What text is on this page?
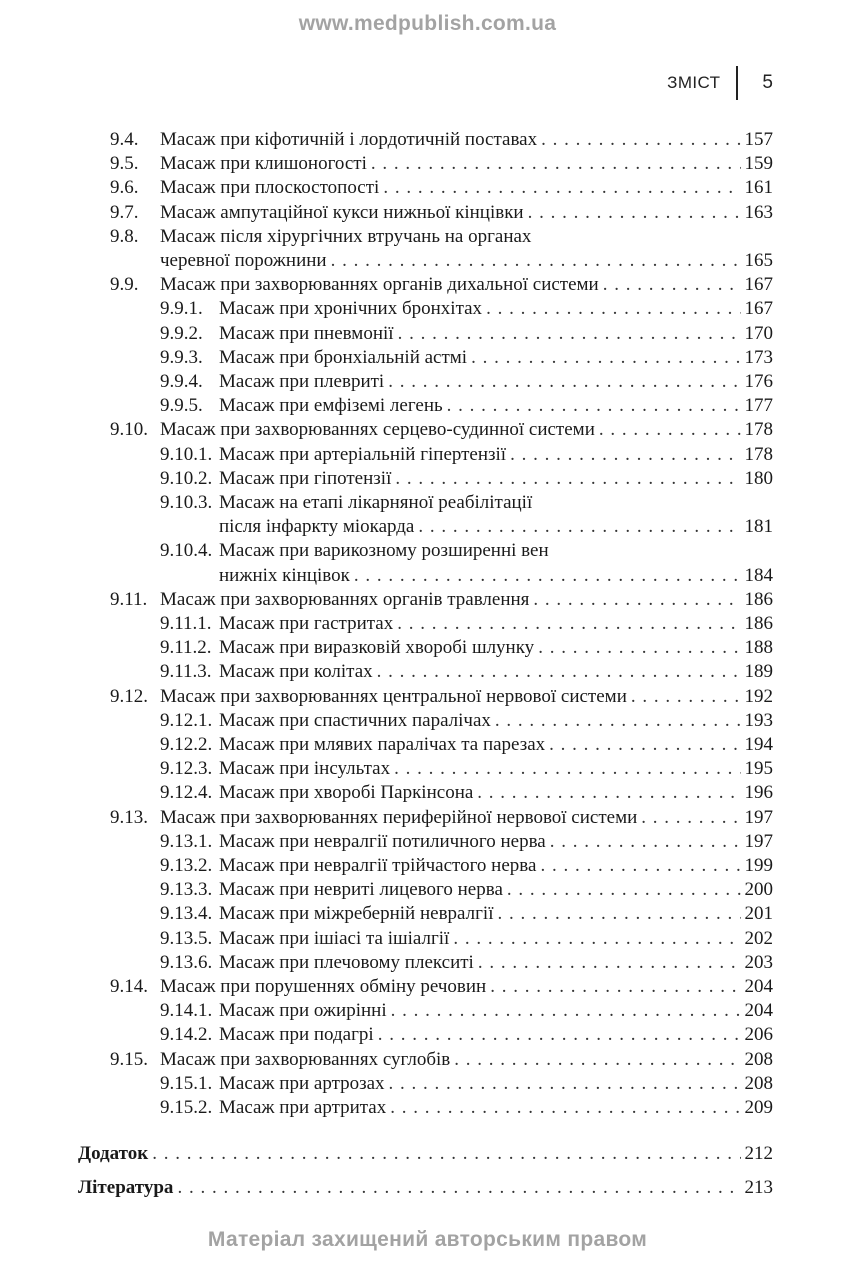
www.medpublish.com.ua
ЗМІСТ 5
9.4. Масаж при кіфотичній і лордотичній поставах . . .	157
9.5. Масаж при клишоногості . . .	159
9.6. Масаж при плоскостопості . . .	161
9.7. Масаж ампутаційної кукси нижньої кінцівки . . .	163
9.8. Масаж після хірургічних втручань на органах
черевної порожнини . . .	165
9.9. Масаж при захворюваннях органів дихальної системи . . .	167
9.9.1. Масаж при хронічних бронхітах . . .	167
9.9.2. Масаж при пневмонії . . .	170
9.9.3. Масаж при бронхіальній астмі . . .	173
9.9.4. Масаж при плевриті . . .	176
9.9.5. Масаж при емфіземі легень . . .	177
9.10. Масаж при захворюваннях серцево-судинної системи . . .	178
9.10.1. Масаж при артеріальній гіпертензії . . .	178
9.10.2. Масаж при гіпотензії . . .	180
9.10.3. Масаж на етапі лікарняної реабілітації
після інфаркту міокарда . . .	181
9.10.4. Масаж при варикозному розширенні вен
нижніх кінцівок . . .	184
9.11. Масаж при захворюваннях органів травлення . . .	186
9.11.1. Масаж при гастритах . . .	186
9.11.2. Масаж при виразковій хворобі шлунку . . .	188
9.11.3. Масаж при колітах . . .	189
9.12. Масаж при захворюваннях центральної нервової системи . . .	192
9.12.1. Масаж при спастичних паралічах . . .	193
9.12.2. Масаж при млявих паралічах та парезах . . .	194
9.12.3. Масаж при інсультах . . .	195
9.12.4. Масаж при хворобі Паркінсона . . .	196
9.13. Масаж при захворюваннях периферійної нервової системи . . .	197
9.13.1. Масаж при невралгії потиличного нерва . . .	197
9.13.2. Масаж при невралгії трійчастого нерва . . .	199
9.13.3. Масаж при невриті лицевого нерва . . .	200
9.13.4. Масаж при міжреберній невралгії . . .	201
9.13.5. Масаж при ішіасі та ішіалгії . . .	202
9.13.6. Масаж при плечовому плекситі . . .	203
9.14. Масаж при порушеннях обміну речовин . . .	204
9.14.1. Масаж при ожирінні . . .	204
9.14.2. Масаж при подагрі . . .	206
9.15. Масаж при захворюваннях суглобів . . .	208
9.15.1. Масаж при артрозах . . .	208
9.15.2. Масаж при артритах . . .	209
Додаток . . .	212
Література . . .	213
Матеріал захищений авторським правом
